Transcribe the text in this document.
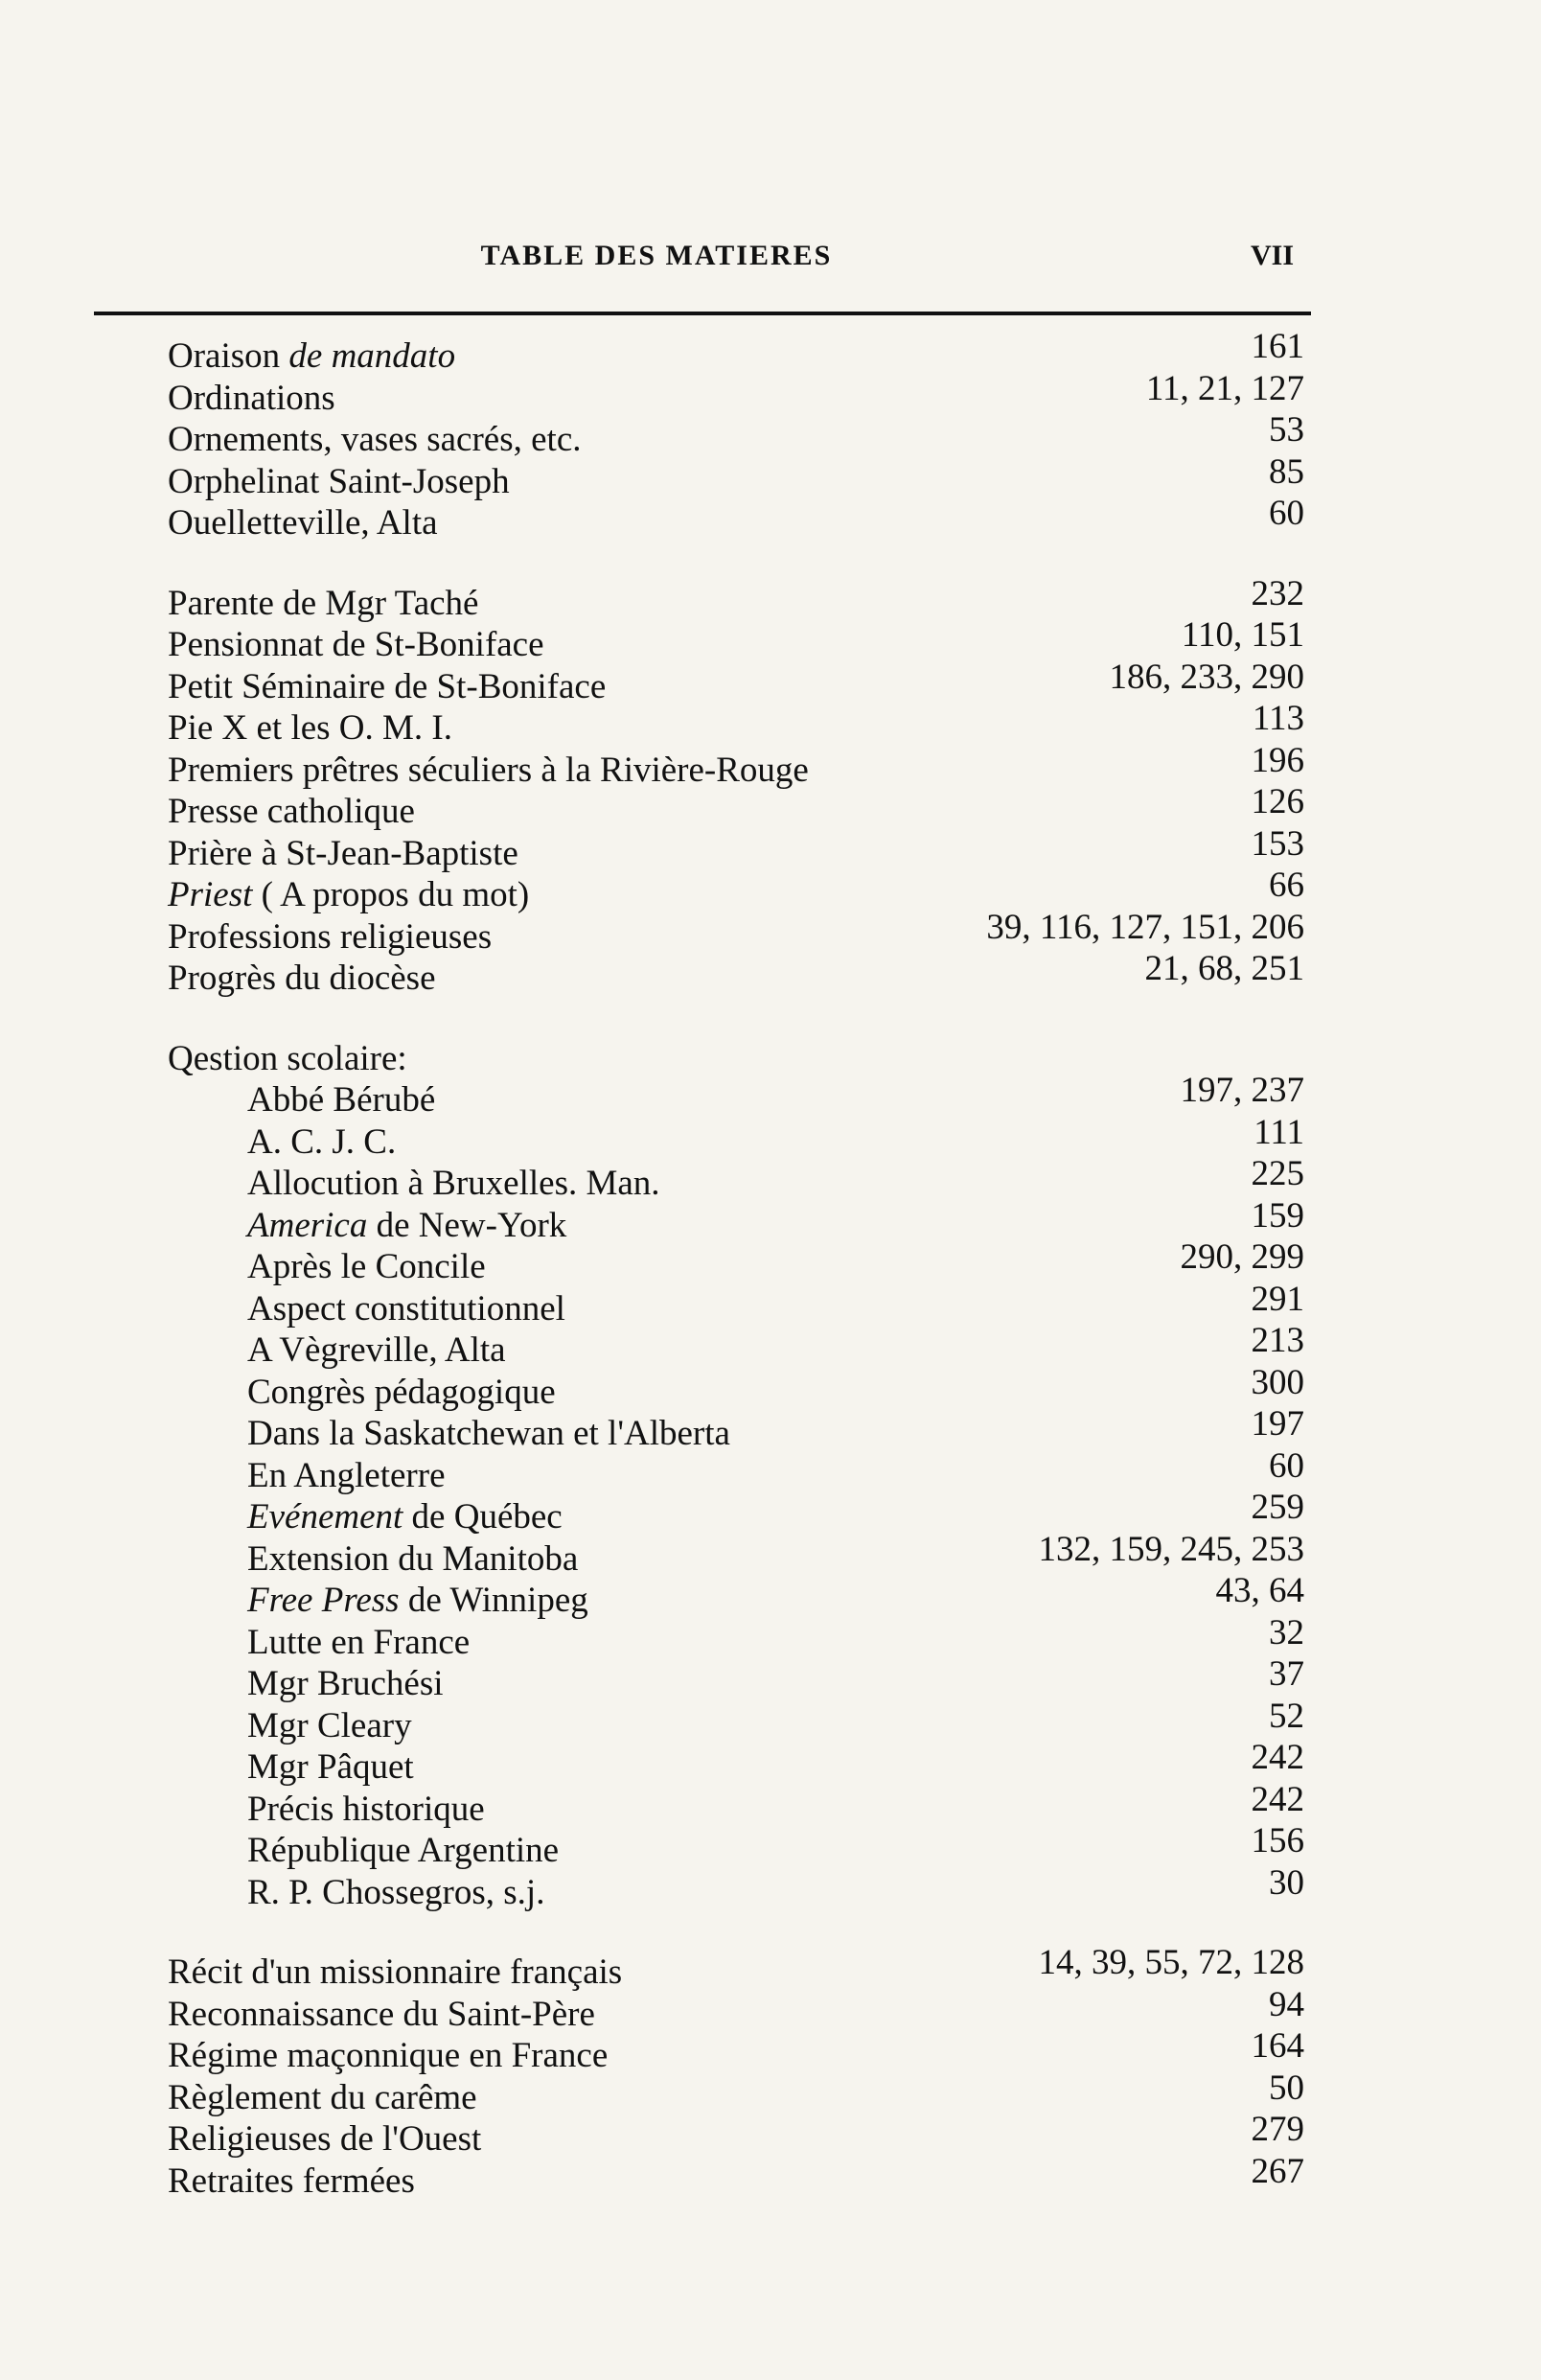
TABLE DES MATIERES	VII
Oraison de mandato	161
Ordinations	11, 21, 127
Ornements, vases sacrés, etc.	53
Orphelinat Saint-Joseph	85
Ouelletteville, Alta	60
Parente de Mgr Taché	232
Pensionnat de St-Boniface	110, 151
Petit Séminaire de St-Boniface	186, 233, 290
Pie X et les O. M. I.	113
Premiers prêtres séculiers à la Rivière-Rouge	196
Presse catholique	126
Prière à St-Jean-Baptiste	153
Priest ( A propos du mot)	66
Professions religieuses	39, 116, 127, 151, 206
Progrès du diocèse	21, 68, 251
Qestion scolaire:
Abbé Bérubé	197, 237
A. C. J. C.	111
Allocution à Bruxelles. Man.	225
America de New-York	159
Après le Concile	290, 299
Aspect constitutionnel	291
A Vègreville, Alta	213
Congrès pédagogique	300
Dans la Saskatchewan et l'Alberta	197
En Angleterre	60
Evénement de Québec	259
Extension du Manitoba	132, 159, 245, 253
Free Press de Winnipeg	43, 64
Lutte en France	32
Mgr Bruchési	37
Mgr Cleary	52
Mgr Pâquet	242
Précis historique	242
République Argentine	156
R. P. Chossegros, s.j.	30
Récit d'un missionnaire français	14, 39, 55, 72, 128
Reconnaissance du Saint-Père	94
Régime maçonnique en France	164
Règlement du carême	50
Religieuses de l'Ouest	279
Retraites fermées	267
